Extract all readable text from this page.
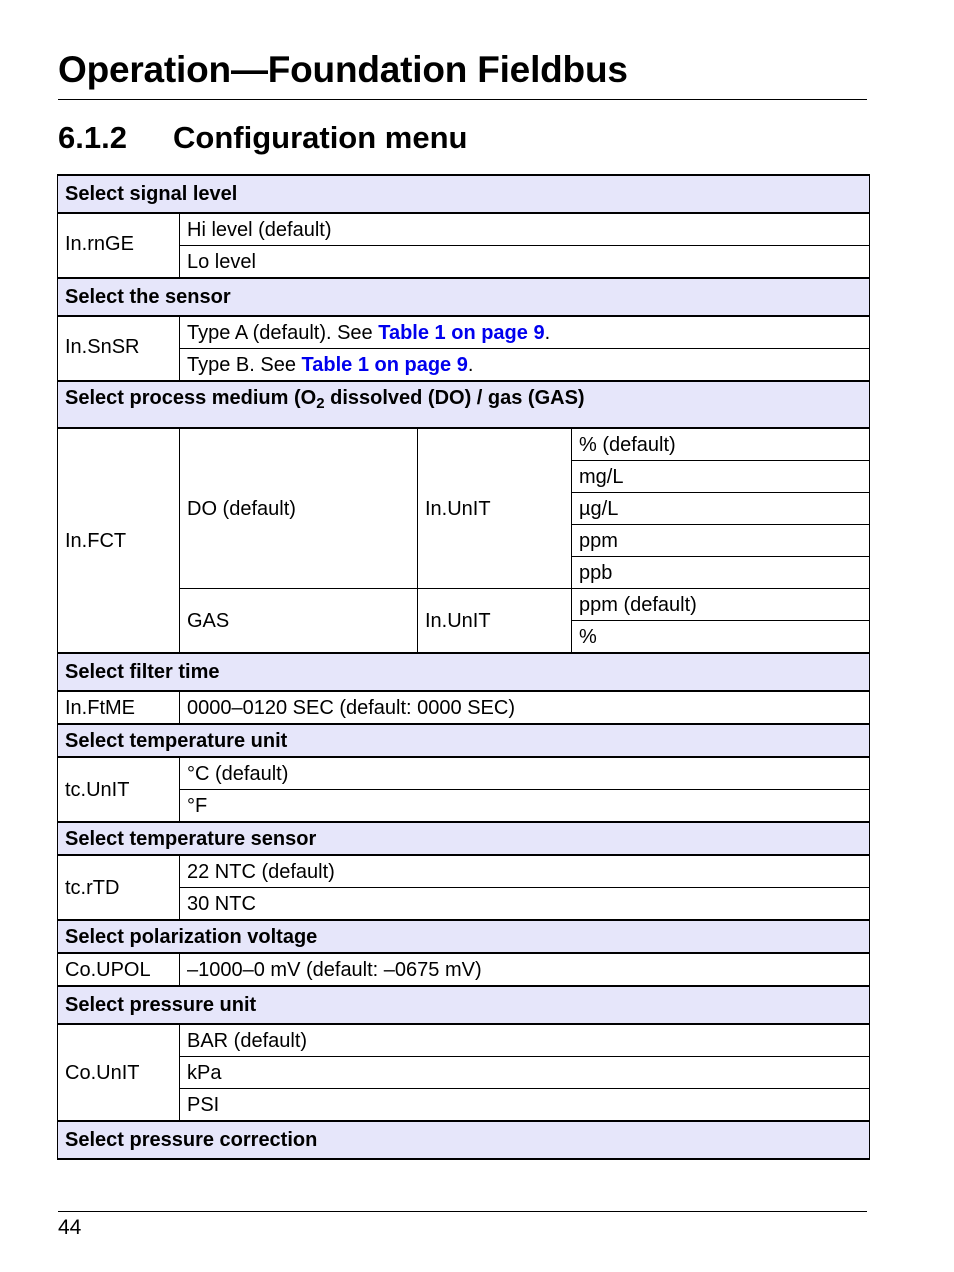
Operation—Foundation Fieldbus
6.1.2 Configuration menu
Select signal level			
In.rnGE	Hi level (default)		
	Lo level		
Select the sensor			
In.SnSR	Type A (default). See Table 1 on page 9.		
	Type B. See Table 1 on page 9.		
Select process medium ($O_2$ dissolved (DO) / gas (GAS)			
In.FCT	DO (default)	In.UnIT	% (default)
			mg/L
			µg/L
			ppm
			ppb
	GAS	In.UnIT	ppm (default)
			%
Select filter time			
In.FtME	0000–0120 SEC (default: 0000 SEC)		
Select temperature unit			
tc.UnIT	°C (default)		
	°F		
Select temperature sensor			
tc.rTD	22 NTC (default)		
	30 NTC		
Select polarization voltage			
Co.UPOL	–1000–0 mV (default: –0675 mV)		
Select pressure unit			
Co.UnIT	BAR (default)		
	kPa		
	PSI		
Select pressure correction			
44
